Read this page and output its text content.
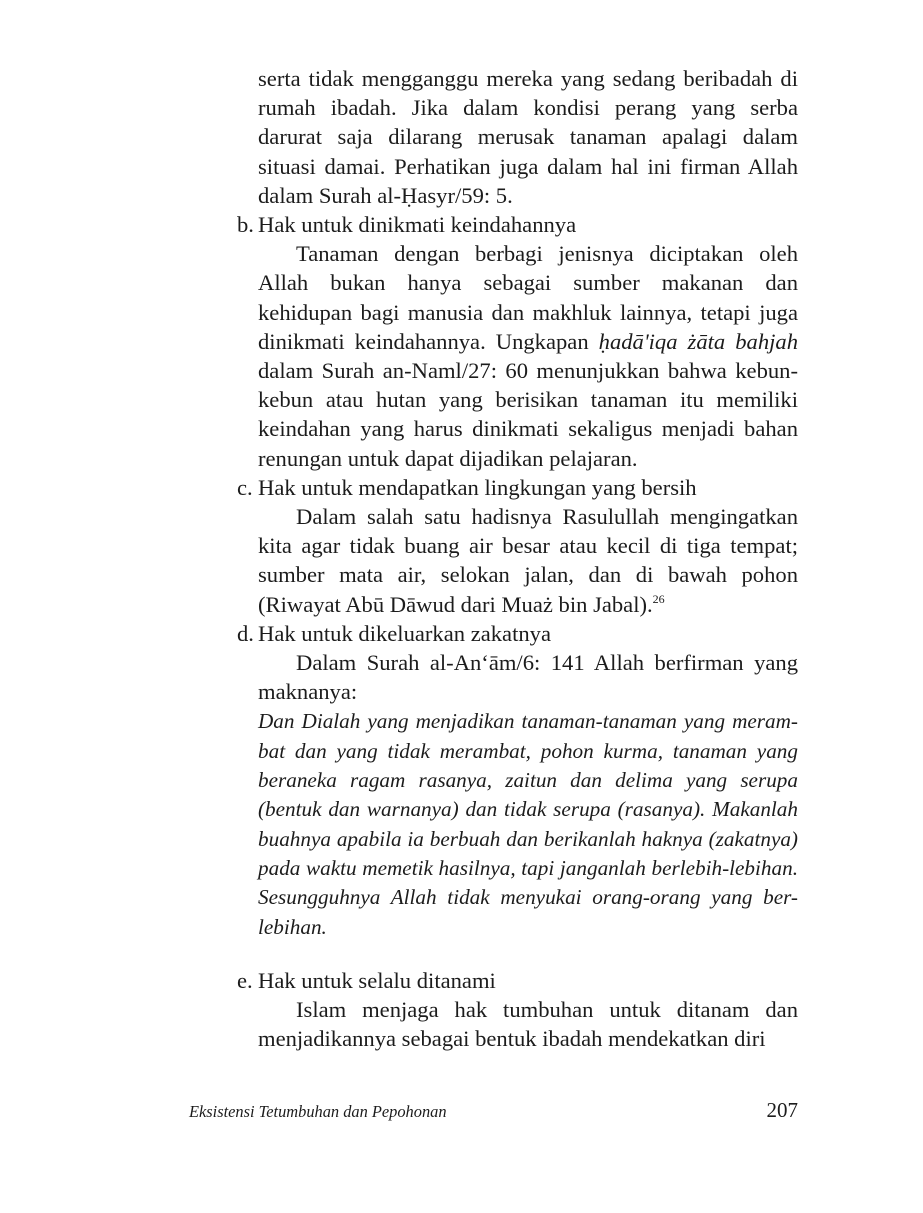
serta tidak mengganggu mereka yang sedang beribadah di rumah ibadah. Jika dalam kondisi perang yang serba darurat saja dilarang merusak tanaman apalagi dalam situasi damai. Perhatikan juga dalam hal ini firman Allah dalam Surah al-Ḥasyr/59: 5.

b. Hak untuk dinikmati keindahannya

Tanaman dengan berbagi jenisnya diciptakan oleh Allah bukan hanya sebagai sumber makanan dan kehidupan bagi manusia dan makhluk lainnya, tetapi juga dinikmati keindahannya. Ungkapan ḥadā'iqa żāta bahjah dalam Surah an-Naml/27: 60 menunjukkan bahwa kebun-kebun atau hutan yang berisikan tanaman itu memiliki keindahan yang harus dinikmati sekaligus menjadi bahan renungan untuk dapat dijadikan pelajaran.

c. Hak untuk mendapatkan lingkungan yang bersih

Dalam salah satu hadisnya Rasulullah mengingatkan kita agar tidak buang air besar atau kecil di tiga tempat; sumber mata air, selokan jalan, dan di bawah pohon (Riwayat Abū Dāwud dari Muaż bin Jabal).$^{26}$

d. Hak untuk dikeluarkan zakatnya

Dalam Surah al-An‘ām/6: 141 Allah berfirman yang maknanya:

Dan Dialah yang menjadikan tanaman-tanaman yang meram-bat dan yang tidak merambat, pohon kurma, tanaman yang beraneka ragam rasanya, zaitun dan delima yang serupa (bentuk dan warnanya) dan tidak serupa (rasanya). Makanlah buahnya apabila ia berbuah dan berikanlah haknya (zakatnya) pada waktu memetik hasilnya, tapi janganlah berlebih-lebihan. Sesungguhnya Allah tidak menyukai orang-orang yang ber-lebihan.

e. Hak untuk selalu ditanami

Islam menjaga hak tumbuhan untuk ditanam dan menjadikannya sebagai bentuk ibadah mendekatkan diri

Eksistensi Tetumbuhan dan Pepohonan	207
